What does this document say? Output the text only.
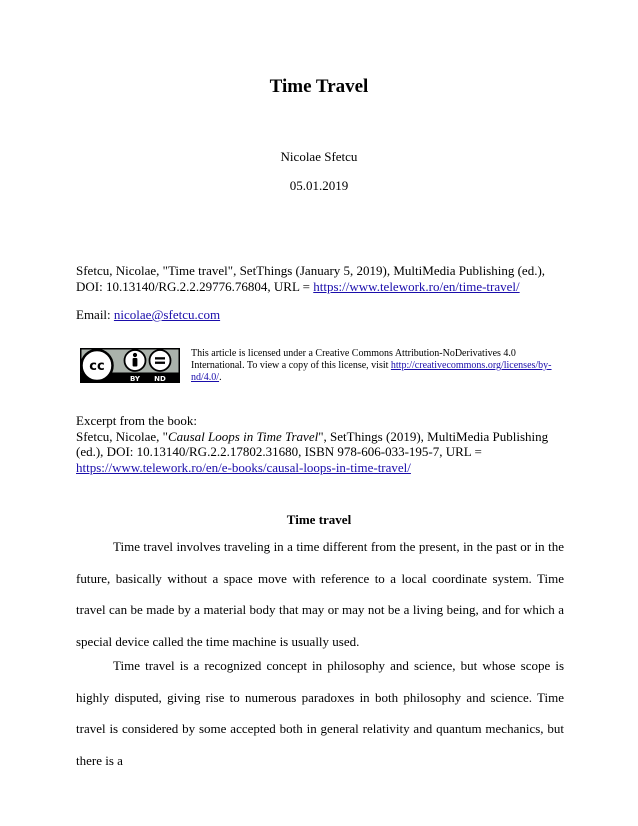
Time Travel
Nicolae Sfetcu
05.01.2019
Sfetcu, Nicolae, "Time travel", SetThings (January 5, 2019), MultiMedia Publishing (ed.), DOI: 10.13140/RG.2.2.29776.76804, URL = https://www.telework.ro/en/time-travel/
Email: nicolae@sfetcu.com
cc
BY ND
This article is licensed under a Creative Commons Attribution-NoDerivatives 4.0 International. To view a copy of this license, visit http://creativecommons.org/licenses/by-nd/4.0/.
Excerpt from the book:
Sfetcu, Nicolae, "Causal Loops in Time Travel", SetThings (2019), MultiMedia Publishing (ed.), DOI: 10.13140/RG.2.2.17802.31680, ISBN 978-606-033-195-7, URL = https://www.telework.ro/en/e-books/causal-loops-in-time-travel/
Time travel
Time travel involves traveling in a time different from the present, in the past or in the future, basically without a space move with reference to a local coordinate system. Time travel can be made by a material body that may or may not be a living being, and for which a special device called the time machine is usually used.
Time travel is a recognized concept in philosophy and science, but whose scope is highly disputed, giving rise to numerous paradoxes in both philosophy and science. Time travel is considered by some accepted both in general relativity and quantum mechanics, but there is a
